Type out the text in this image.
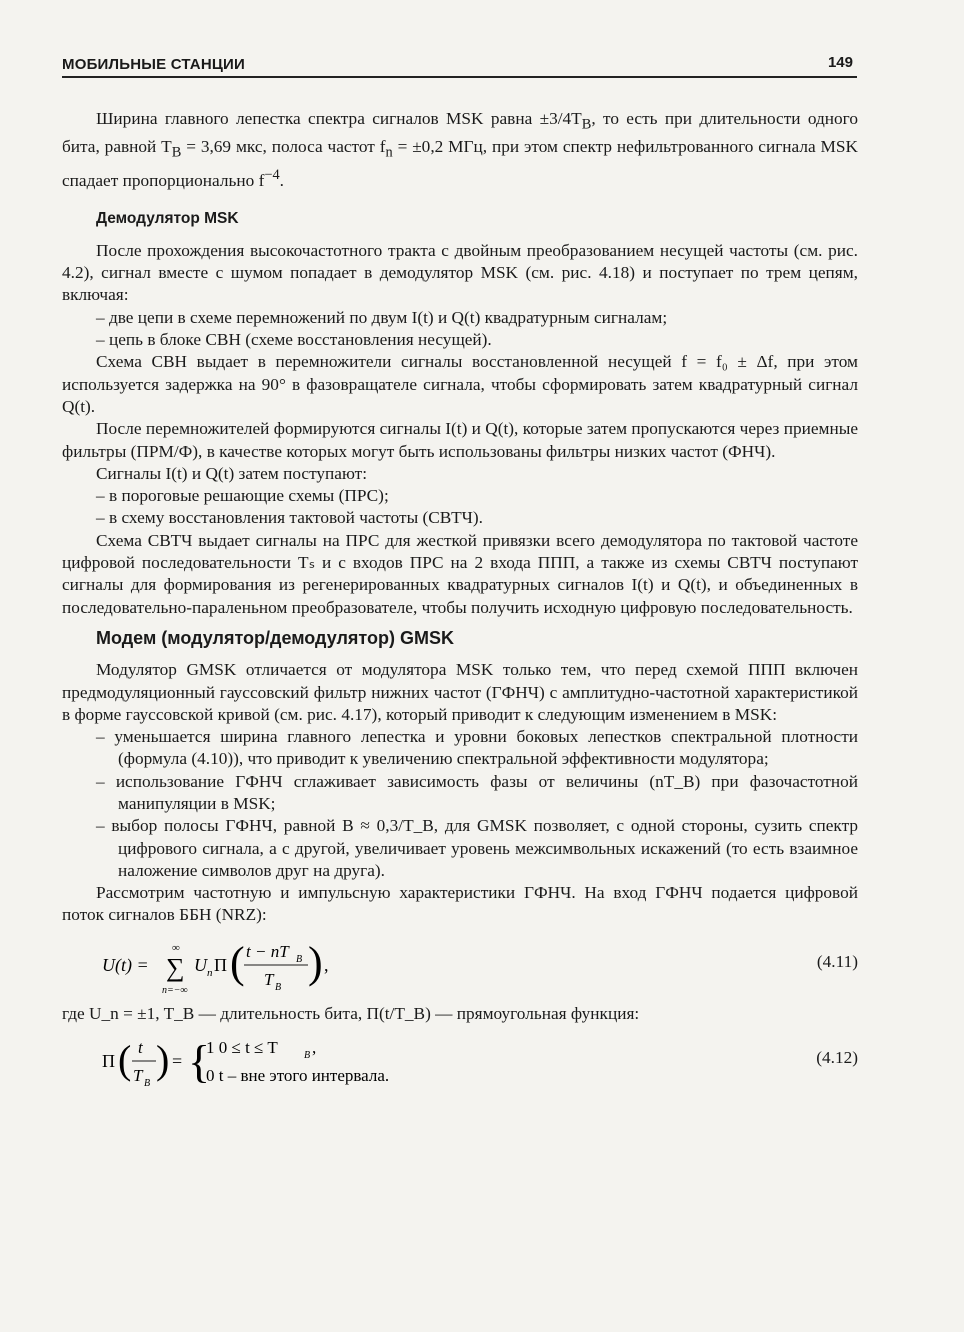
МОБИЛЬНЫЕ СТАНЦИИ	149

Ширина главного лепестка спектра сигналов MSK равна $\pm 3/4T_B$, то есть при длительности одного бита, равной $T_B = 3,69$ мкс, полоса частот $f_n = \pm 0,2$ МГц, при этом спектр нефильтрованного сигнала MSK спадает пропорционально $f^{-4}$.

Демодулятор MSK

После прохождения высокочастотного тракта с двойным преобразованием несущей частоты (см. рис. 4.2), сигнал вместе с шумом попадает в демодулятор MSK (см. рис. 4.18) и поступает по трем цепям, включая:

– две цепи в схеме перемножений по двум I(t) и Q(t) квадратурным сигналам;
– цепь в блоке СВН (схеме восстановления несущей).

Схема СВН выдает в перемножители сигналы восстановленной несущей f = f₀ ± Δf, при этом используется задержка на 90° в фазовращателе сигнала, чтобы сформировать затем квадратурный сигнал Q(t).

После перемножителей формируются сигналы I(t) и Q(t), которые затем пропускаются через приемные фильтры (ПРМ/Ф), в качестве которых могут быть использованы фильтры низких частот (ФНЧ).

Сигналы I(t) и Q(t) затем поступают:

– в пороговые решающие схемы (ПРС);
– в схему восстановления тактовой частоты (СВТЧ).

Схема СВТЧ выдает сигналы на ПРС для жесткой привязки всего демодулятора по тактовой частоте цифровой последовательности Tₛ и с входов ПРС на 2 входа ППП, а также из схемы СВТЧ поступают сигналы для формирования из регенерированных квадратурных сигналов I(t) и Q(t), и объединенных в последовательно-параленьном преобразователе, чтобы получить исходную цифровую последовательность.

Модем (модулятор/демодулятор) GMSK

Модулятор GMSK отличается от модулятора MSK только тем, что перед схемой ППП включен предмодуляционный гауссовский фильтр нижних частот (ГФНЧ) с амплитудно-частотной характеристикой в форме гауссовской кривой (см. рис. 4.17), который приводит к следующим изменением в MSK:

– уменьшается ширина главного лепестка и уровни боковых лепестков спектральной плотности (формула (4.10)), что приводит к увеличению спектральной эффективности модулятора;
– использование ГФНЧ сглаживает зависимость фазы от величины (nT_B) при фазочастотной манипуляции в MSK;
– выбор полосы ГФНЧ, равной B ≈ 0,3/T_B, для GMSK позволяет, с одной стороны, сузить спектр цифрового сигнала, а с другой, увеличивает уровень межсимвольных искажений (то есть взаимное наложение символов друг на друга).

Рассмотрим частотную и импульсную характеристики ГФНЧ. На вход ГФНЧ подается цифровой поток сигналов ББН (NRZ):

U(t) =
∞
∑
n=−∞
U n Π ( t − nT B
T B
) ,	(4.11)

где U_n = ±1, T_B — длительность бита, Π(t/T_B) — прямоугольная функция:

Π ( t
T B
) = {
1 0 ≤ t ≤ T	B ,
0 t – вне этого интервала.
(4.12)
